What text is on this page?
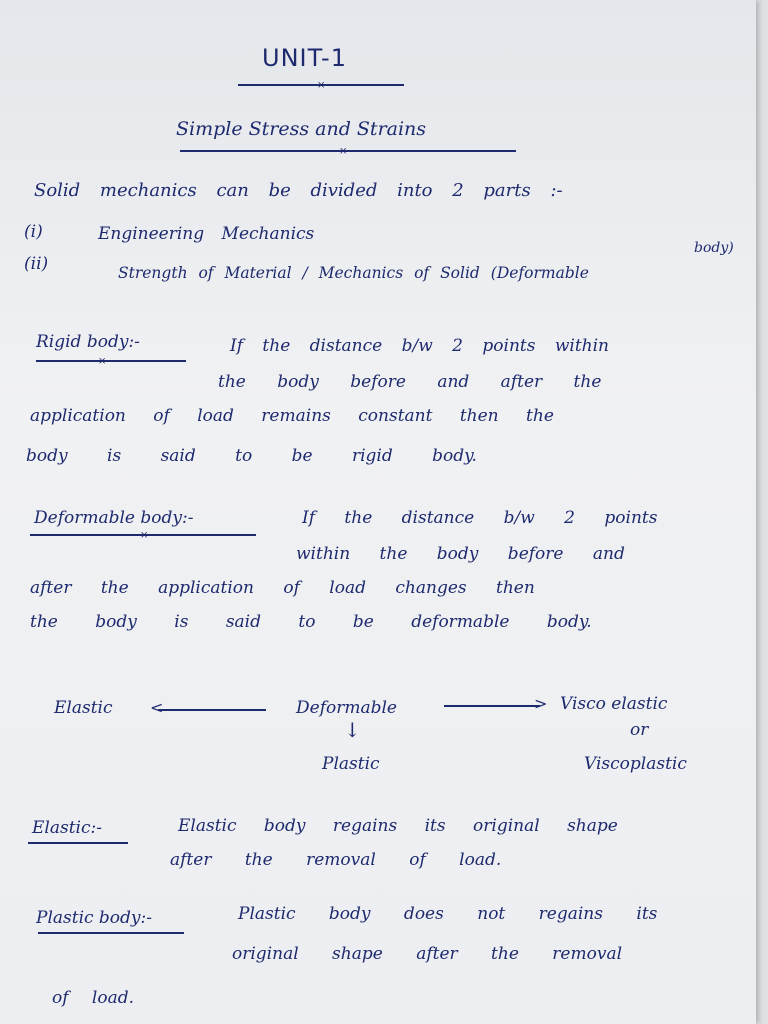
UNIT-1
×
Simple Stress and Strains
×
Solid mechanics can be divided into 2 parts :-
(i)	Engineering Mechanics
(ii)	Strength of Material / Mechanics of Solid (Deformable
body)
Rigid body:-
×
If the distance b/w 2 points within
the body before and after the
application of load remains constant then the
body is said to be rigid body.
Deformable body:-
×
If the distance b/w 2 points
within the body before and
after the application of load changes then
the body is said to be deformable body.
Elastic <	Deformable	>
↓
Plastic
Visco elastic
or
Viscoplastic
Elastic:-	Elastic body regains its original shape
after the removal of load.
Plastic body:-	Plastic body does not regains its
original shape after the removal
of load.
